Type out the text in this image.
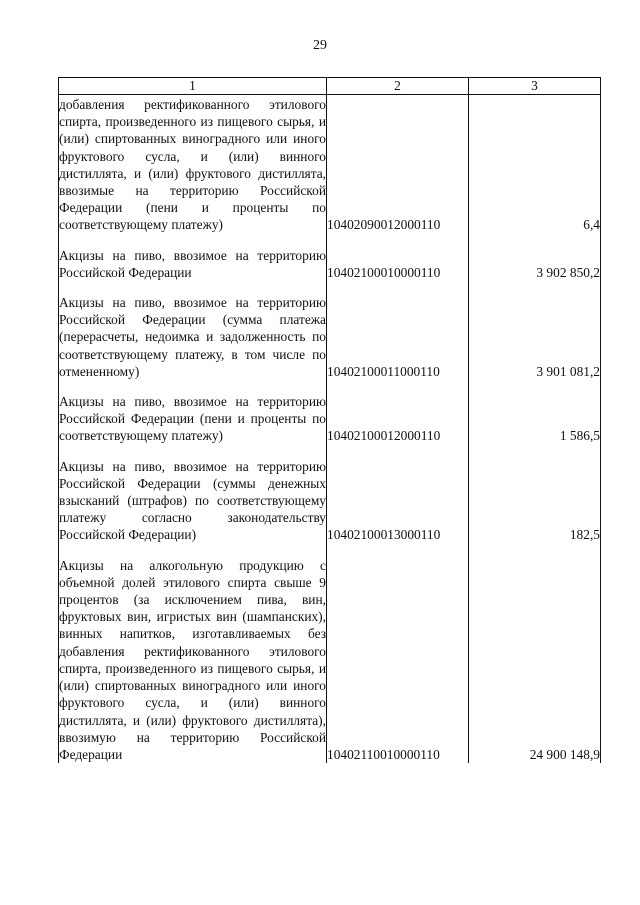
29
1	2	3
добавления ректификованного этилового спирта, произведенного из пищевого сырья, и (или) спиртованных виноградного или иного фруктового сусла, и (или) винного дистиллята, и (или) фруктового дистиллята, ввозимые на территорию Российской Федерации (пени и проценты по соответствующему платежу)	10402090012000110	6,4
Акцизы на пиво, ввозимое на территорию Российской Федерации	10402100010000110	3 902 850,2
Акцизы на пиво, ввозимое на территорию Российской Федерации (сумма платежа (перерасчеты, недоимка и задолженность по соответствующему платежу, в том числе по отмененному)	10402100011000110	3 901 081,2
Акцизы на пиво, ввозимое на территорию Российской Федерации (пени и проценты по соответствующему платежу)	10402100012000110	1 586,5
Акцизы на пиво, ввозимое на территорию Российской Федерации (суммы денежных взысканий (штрафов) по соответствующему платежу согласно законодательству Российской Федерации)	10402100013000110	182,5
Акцизы на алкогольную продукцию с объемной долей этилового спирта свыше 9 процентов (за исключением пива, вин, фруктовых вин, игристых вин (шампанских), винных напитков, изготавливаемых без добавления ректификованного этилового спирта, произведенного из пищевого сырья, и (или) спиртованных виноградного или иного фруктового сусла, и (или) винного дистиллята, и (или) фруктового дистиллята), ввозимую на территорию Российской Федерации	10402110010000110	24 900 148,9
